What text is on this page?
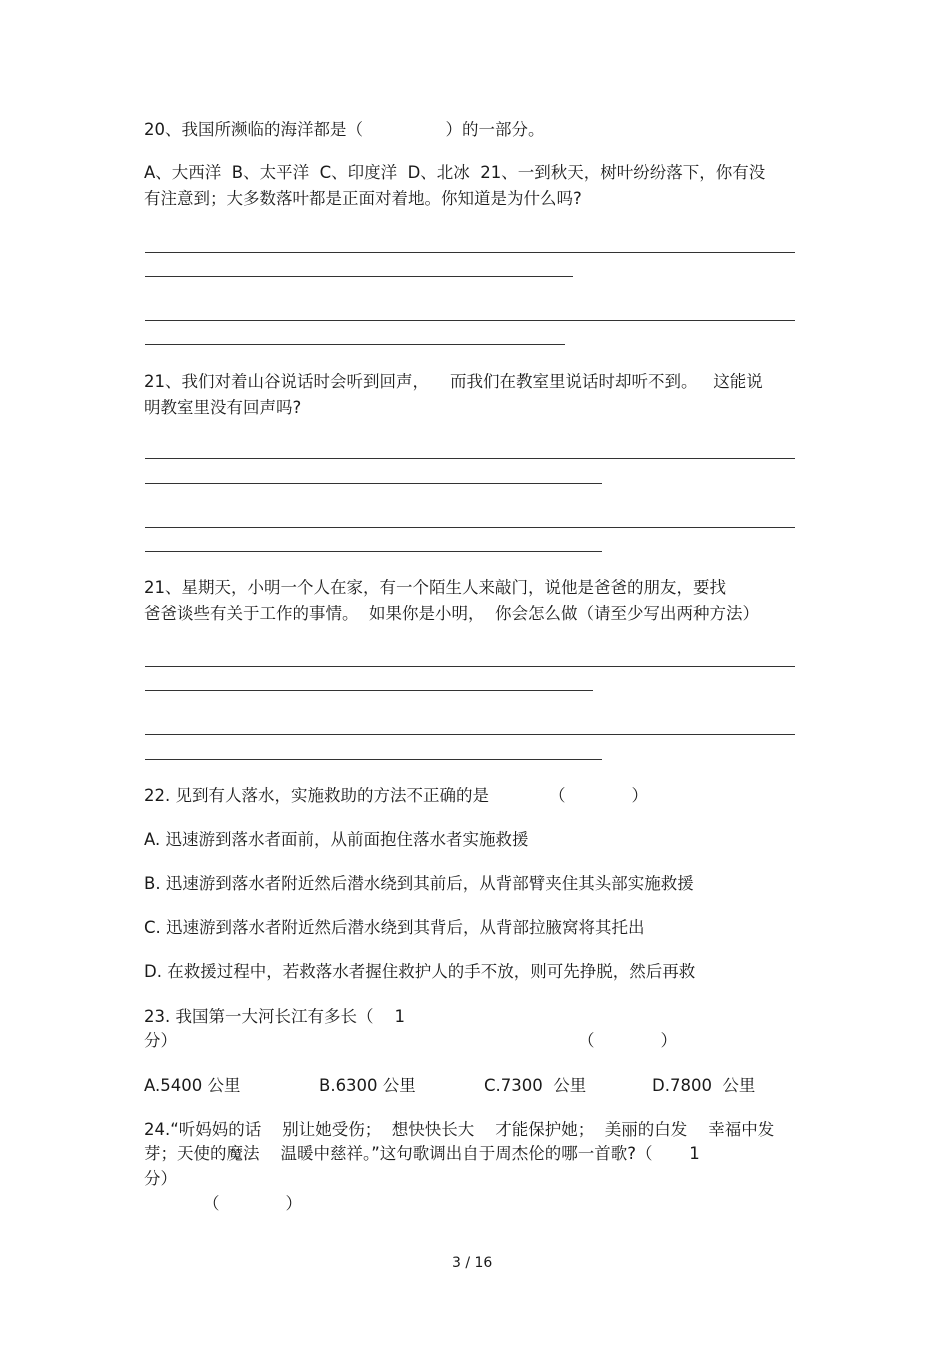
20、我国所濒临的海洋都是（　　　　　）的一部分。
A、大西洋  B、太平洋  C、印度洋  D、北冰  21、一到秋天，树叶纷纷落下，你有没
有注意到；大多数落叶都是正面对着地。你知道是为什么吗?
21、我们对着山谷说话时会听到回声，    而我们在教室里说话时却听不到。   这能说
明教室里没有回声吗?
21、星期天，小明一个人在家，有一个陌生人来敲门，说他是爸爸的朋友，要找
爸爸谈些有关于工作的事情。  如果你是小明，  你会怎么做（请至少写出两种方法）
22. 见到有人落水，实施救助的方法不正确的是	（　　　　）
A. 迅速游到落水者面前，从前面抱住落水者实施救援
B. 迅速游到落水者附近然后潜水绕到其前后，从背部臂夹住其头部实施救援
C. 迅速游到落水者附近然后潜水绕到其背后，从背部拉腋窝将其托出
D. 在救援过程中，若救落水者握住救护人的手不放，则可先挣脱，然后再救
23. 我国第一大河长江有多长（    1
分）	（　　　　）
A.5400 公里	B.6300 公里	C.7300  公里	D.7800  公里
24.“听妈妈的话    别让她受伤；  想快快长大    才能保护她；  美丽的白发    幸福中发
芽；天使的魔法    温暖中慈祥。”这句歌调出自于周杰伦的哪一首歌?（       1
分）
（　　　　）
3 / 16
